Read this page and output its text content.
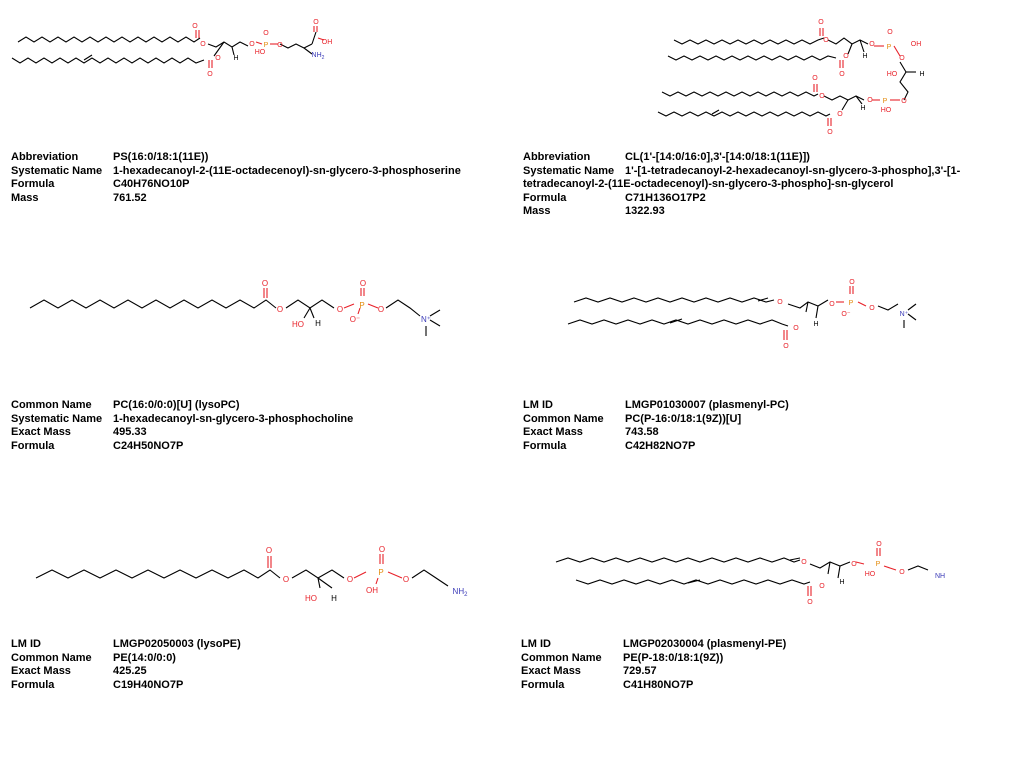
O
O
O
O H
O P
O
HO
O
O
OH
$NH_2$
Abbreviation	PS(16:0/18:1(11E))
Systematic Name 1-hexadecanoyl-2-(11E-octadecenoyl)-sn-glycero-3-phosphoserine
Formula	C40H76NO10P
Mass	761.52
O
O
O
O H
O P
O
OH
O
HO	H
O
O
O
O
H
O P
HO
O
Abbreviation	CL(1'-[14:0/16:0],3'-[14:0/18:1(11E)])
Systematic Name 1'-[1-tetradecanoyl-2-hexadecanoyl-sn-glycero-3-phospho],3'-[1-
tetradecanoyl-2-(11E-octadecenoyl)-sn-glycero-3-phospho]-sn-glycerol
Formula	C71H136O17P2
Mass	1322.93
O
O
HO H
O P
O
O⁻
O
N⁺
Common Name	PC(16:0/0:0)[U] (lysoPC)
Systematic Name 1-hexadecanoyl-sn-glycero-3-phosphocholine
Exact Mass	495.33
Formula	C24H50NO7P
O
O
O
H
O P
O
O⁻
O
N⁺
LM ID	LMGP01030007 (plasmenyl-PC)
Common Name	PC(P-16:0/18:1(9Z))[U]
Exact Mass	743.58
Formula	C42H82NO7P
O
O
HO H
O
P
O
OH
O
$NH_2$
LM ID	LMGP02050003 (lysoPE)
Common Name	PE(14:0/0:0)
Exact Mass	425.25
Formula	C19H40NO7P
O
O
O
H
O	P
O
HO	O
NH
LM ID	LMGP02030004 (plasmenyl-PE)
Common Name	PE(P-18:0/18:1(9Z))
Exact Mass	729.57
Formula	C41H80NO7P
